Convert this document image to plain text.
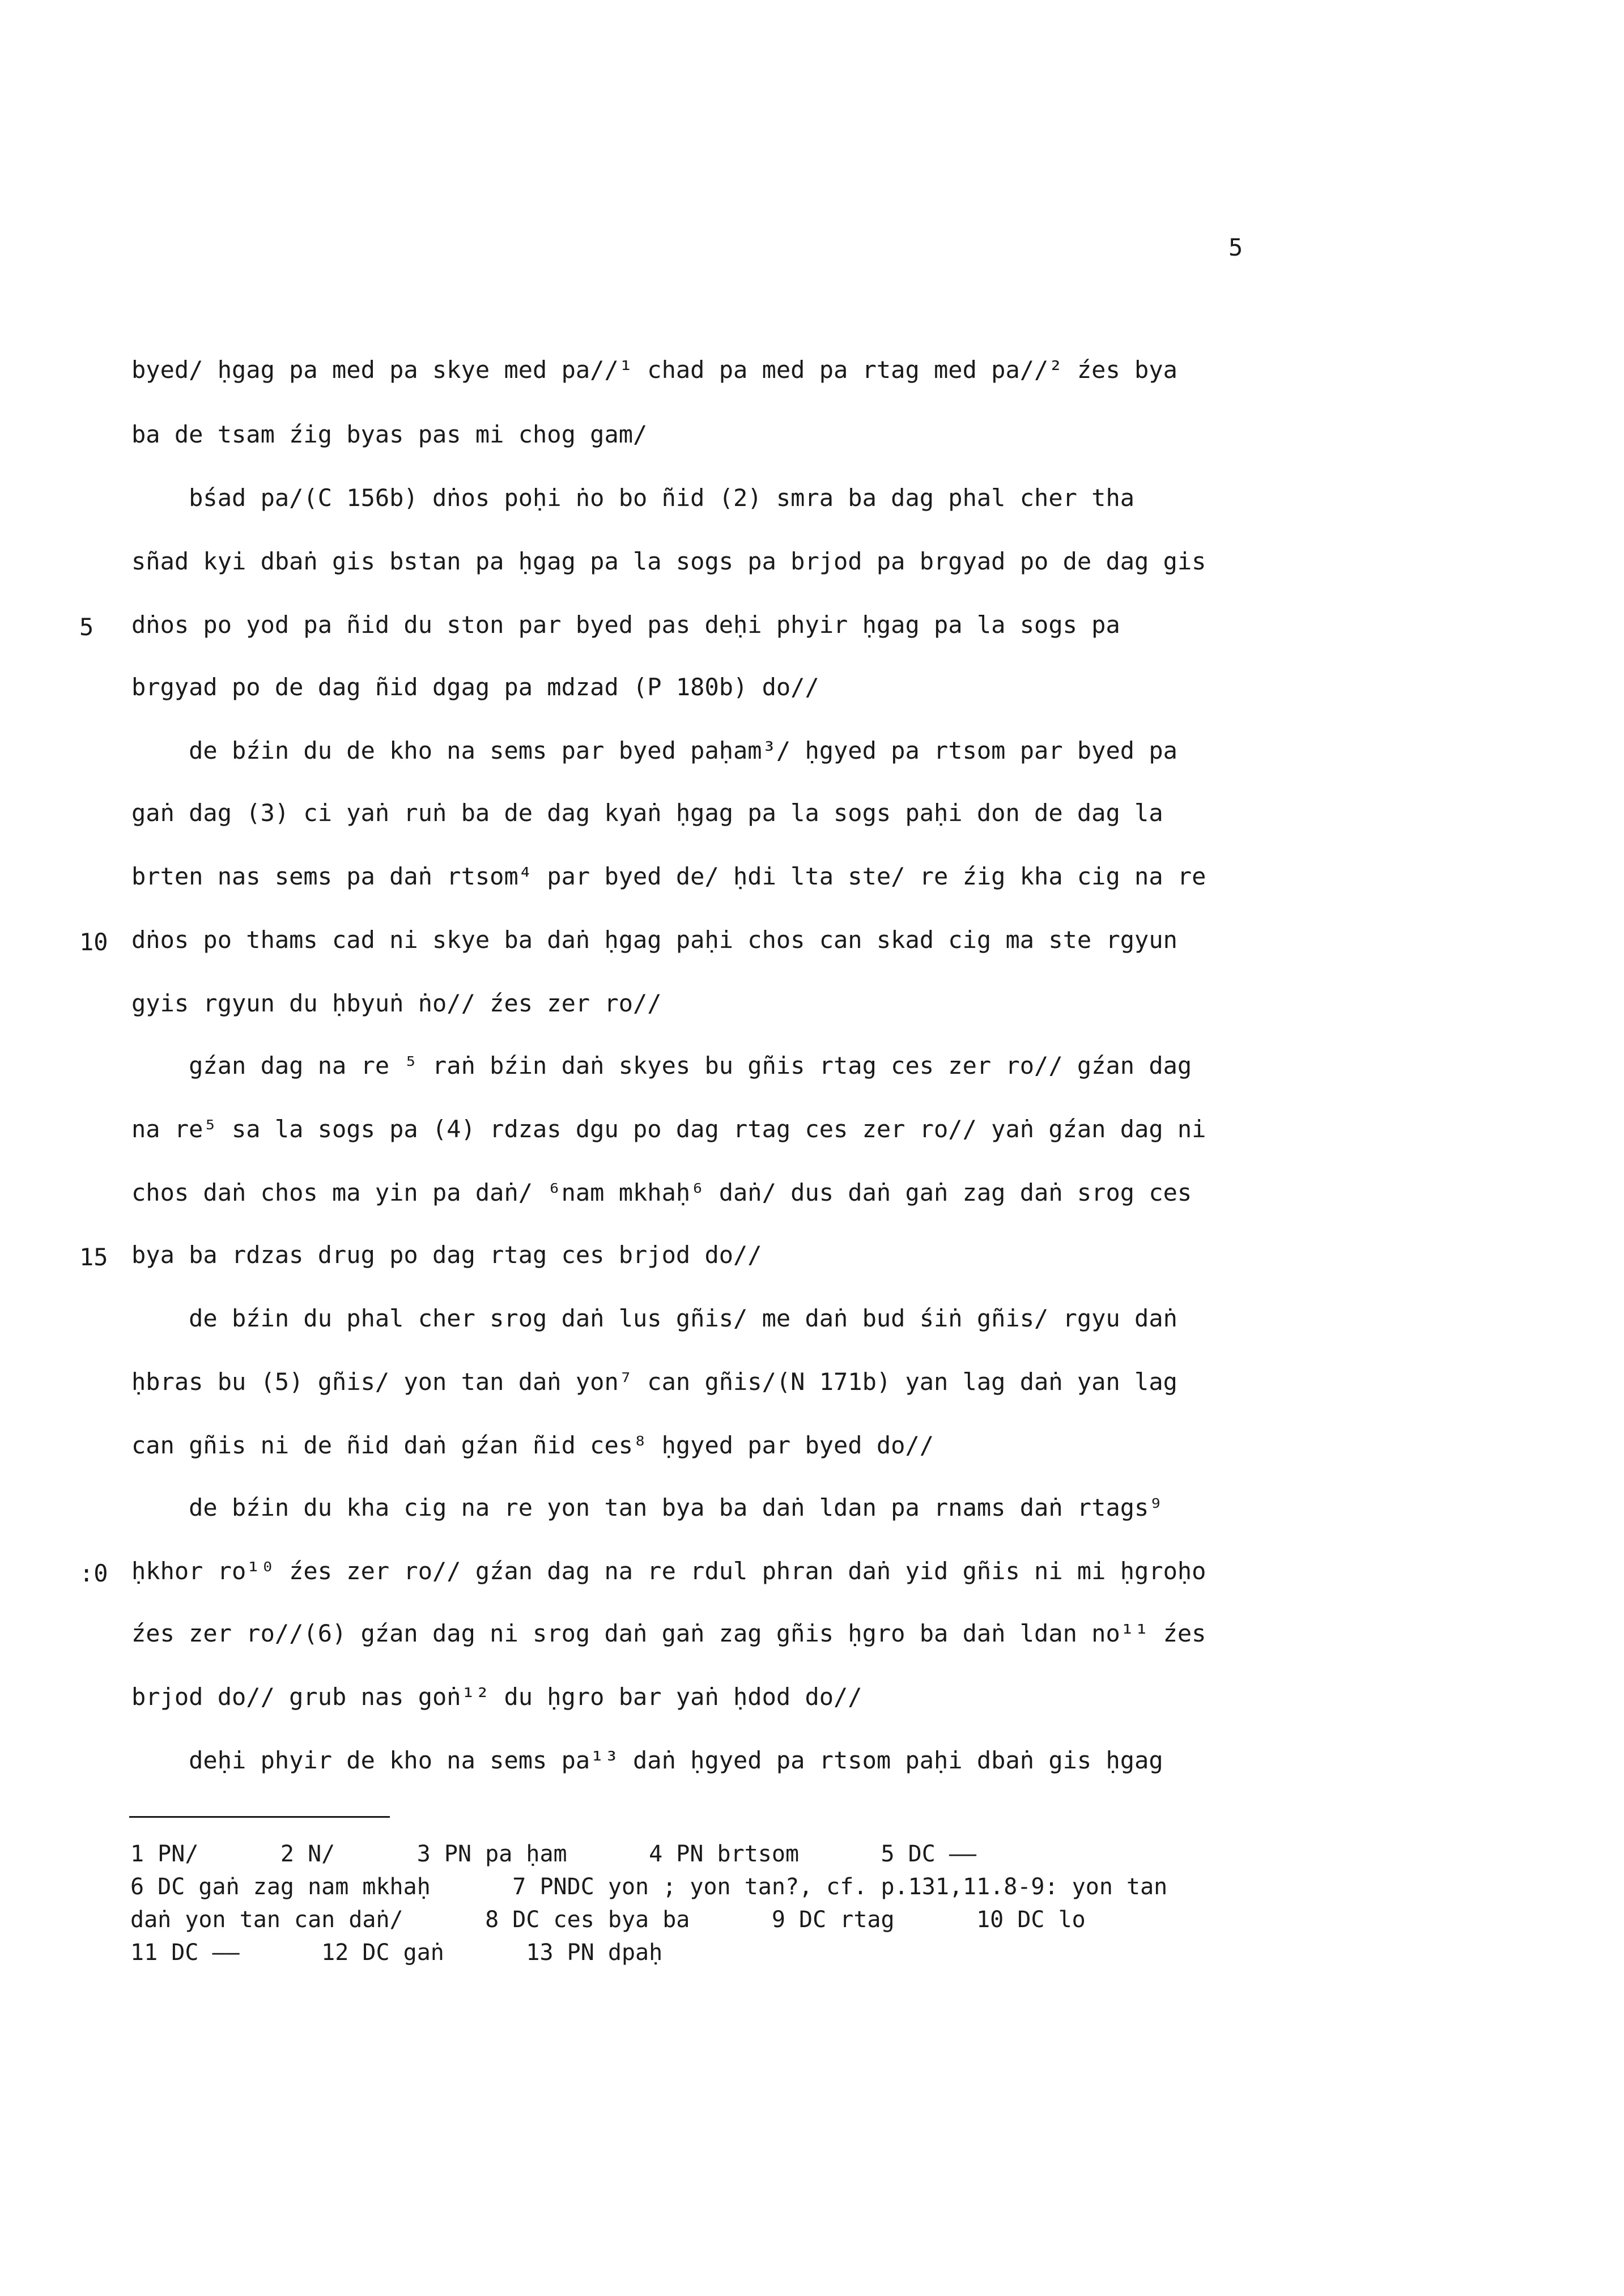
5
byed/ ḥgag pa med pa skye med pa//¹ chad pa med pa rtag med pa//² źes bya
ba de tsam źig byas pas mi chog gam/
bśad pa/(C 156b) dṅos poḥi ṅo bo ñid (2) smra ba dag phal cher tha
sñad kyi dbaṅ gis bstan pa ḥgag pa la sogs pa brjod pa brgyad po de dag gis
dṅos po yod pa ñid du ston par byed pas deḥi phyir ḥgag pa la sogs pa
brgyad po de dag ñid dgag pa mdzad (P 180b) do//
de bźin du de kho na sems par byed paḥam³/ ḥgyed pa rtsom par byed pa
gaṅ dag (3) ci yaṅ ruṅ ba de dag kyaṅ ḥgag pa la sogs paḥi don de dag la
brten nas sems pa daṅ rtsom⁴ par byed de/ ḥdi lta ste/ re źig kha cig na re
dṅos po thams cad ni skye ba daṅ ḥgag paḥi chos can skad cig ma ste rgyun
gyis rgyun du ḥbyuṅ ṅo// źes zer ro//
gźan dag na re ⁵ raṅ bźin daṅ skyes bu gñis rtag ces zer ro// gźan dag
na re⁵ sa la sogs pa (4) rdzas dgu po dag rtag ces zer ro// yaṅ gźan dag ni
chos daṅ chos ma yin pa daṅ/ ⁶nam mkhaḥ⁶ daṅ/ dus daṅ gaṅ zag daṅ srog ces
bya ba rdzas drug po dag rtag ces brjod do//
de bźin du phal cher srog daṅ lus gñis/ me daṅ bud śiṅ gñis/ rgyu daṅ
ḥbras bu (5) gñis/ yon tan daṅ yon⁷ can gñis/(N 171b) yan lag daṅ yan lag
can gñis ni de ñid daṅ gźan ñid ces⁸ ḥgyed par byed do//
de bźin du kha cig na re yon tan bya ba daṅ ldan pa rnams daṅ rtags⁹
ḥkhor ro¹⁰ źes zer ro// gźan dag na re rdul phran daṅ yid gñis ni mi ḥgroḥo
źes zer ro//(6) gźan dag ni srog daṅ gaṅ zag gñis ḥgro ba daṅ ldan no¹¹ źes
brjod do// grub nas goṅ¹² du ḥgro bar yaṅ ḥdod do//
deḥi phyir de kho na sems pa¹³ daṅ ḥgyed pa rtsom paḥi dbaṅ gis ḥgag
5
10
15
:0
1 PN/      2 N/      3 PN pa ḥam      4 PN brtsom      5 DC ——
6 DC gaṅ zag nam mkhaḥ      7 PNDC yon ; yon tan?, cf. p.131,11.8-9: yon tan
daṅ yon tan can daṅ/      8 DC ces bya ba      9 DC rtag      10 DC lo
11 DC ——      12 DC gaṅ      13 PN dpaḥ
